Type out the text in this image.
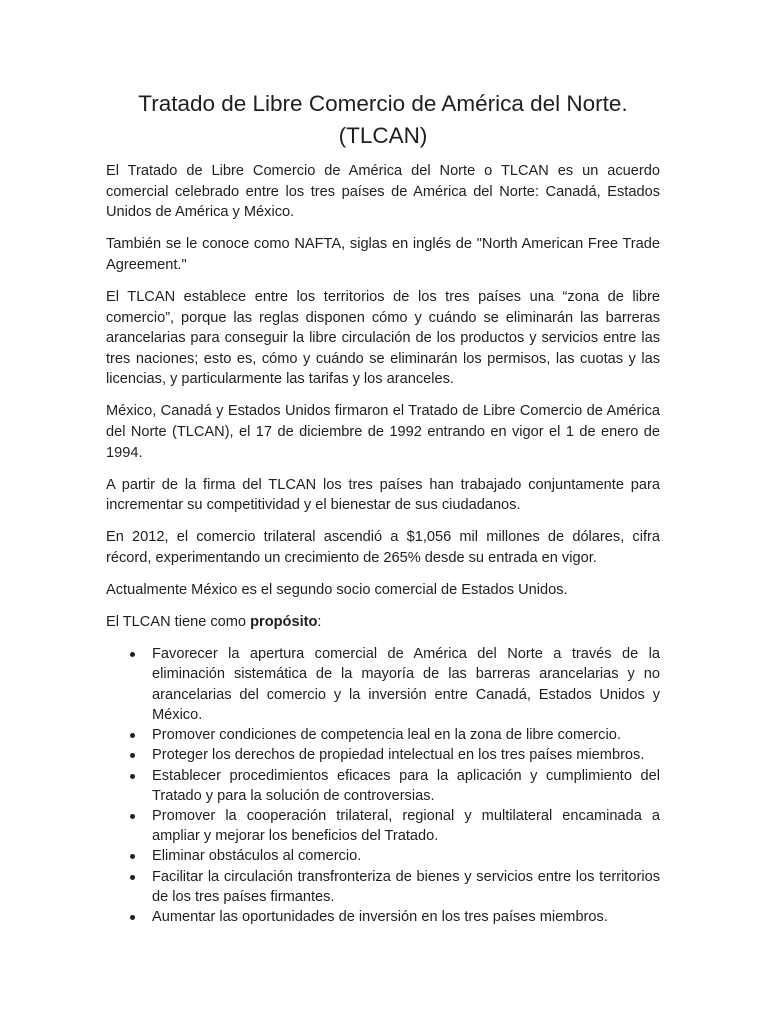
Tratado de Libre Comercio de América del Norte.
(TLCAN)

El Tratado de Libre Comercio de América del Norte o TLCAN es un acuerdo comercial celebrado entre los tres países de América del Norte: Canadá, Estados Unidos de América y México.

También se le conoce como NAFTA, siglas en inglés de "North American Free Trade Agreement."

El TLCAN establece entre los territorios de los tres países una “zona de libre comercio”, porque las reglas disponen cómo y cuándo se eliminarán las barreras arancelarias para conseguir la libre circulación de los productos y servicios entre las tres naciones; esto es, cómo y cuándo se eliminarán los permisos, las cuotas y las licencias, y particularmente las tarifas y los aranceles.

México, Canadá y Estados Unidos firmaron el Tratado de Libre Comercio de América del Norte (TLCAN), el 17 de diciembre de 1992 entrando en vigor el 1 de enero de 1994.

A partir de la firma del TLCAN los tres países han trabajado conjuntamente para incrementar su competitividad y el bienestar de sus ciudadanos.

En 2012, el comercio trilateral ascendió a $1,056 mil millones de dólares, cifra récord, experimentando un crecimiento de 265% desde su entrada en vigor.

Actualmente México es el segundo socio comercial de Estados Unidos.

El TLCAN tiene como propósito:

Favorecer la apertura comercial de América del Norte a través de la eliminación sistemática de la mayoría de las barreras arancelarias y no arancelarias del comercio y la inversión entre Canadá, Estados Unidos y México.
Promover condiciones de competencia leal en la zona de libre comercio.
Proteger los derechos de propiedad intelectual en los tres países miembros.
Establecer procedimientos eficaces para la aplicación y cumplimiento del Tratado y para la solución de controversias.
Promover la cooperación trilateral, regional y multilateral encaminada a ampliar y mejorar los beneficios del Tratado.
Eliminar obstáculos al comercio.
Facilitar la circulación transfronteriza de bienes y servicios entre los territorios de los tres países firmantes.
Aumentar las oportunidades de inversión en los tres países miembros.
